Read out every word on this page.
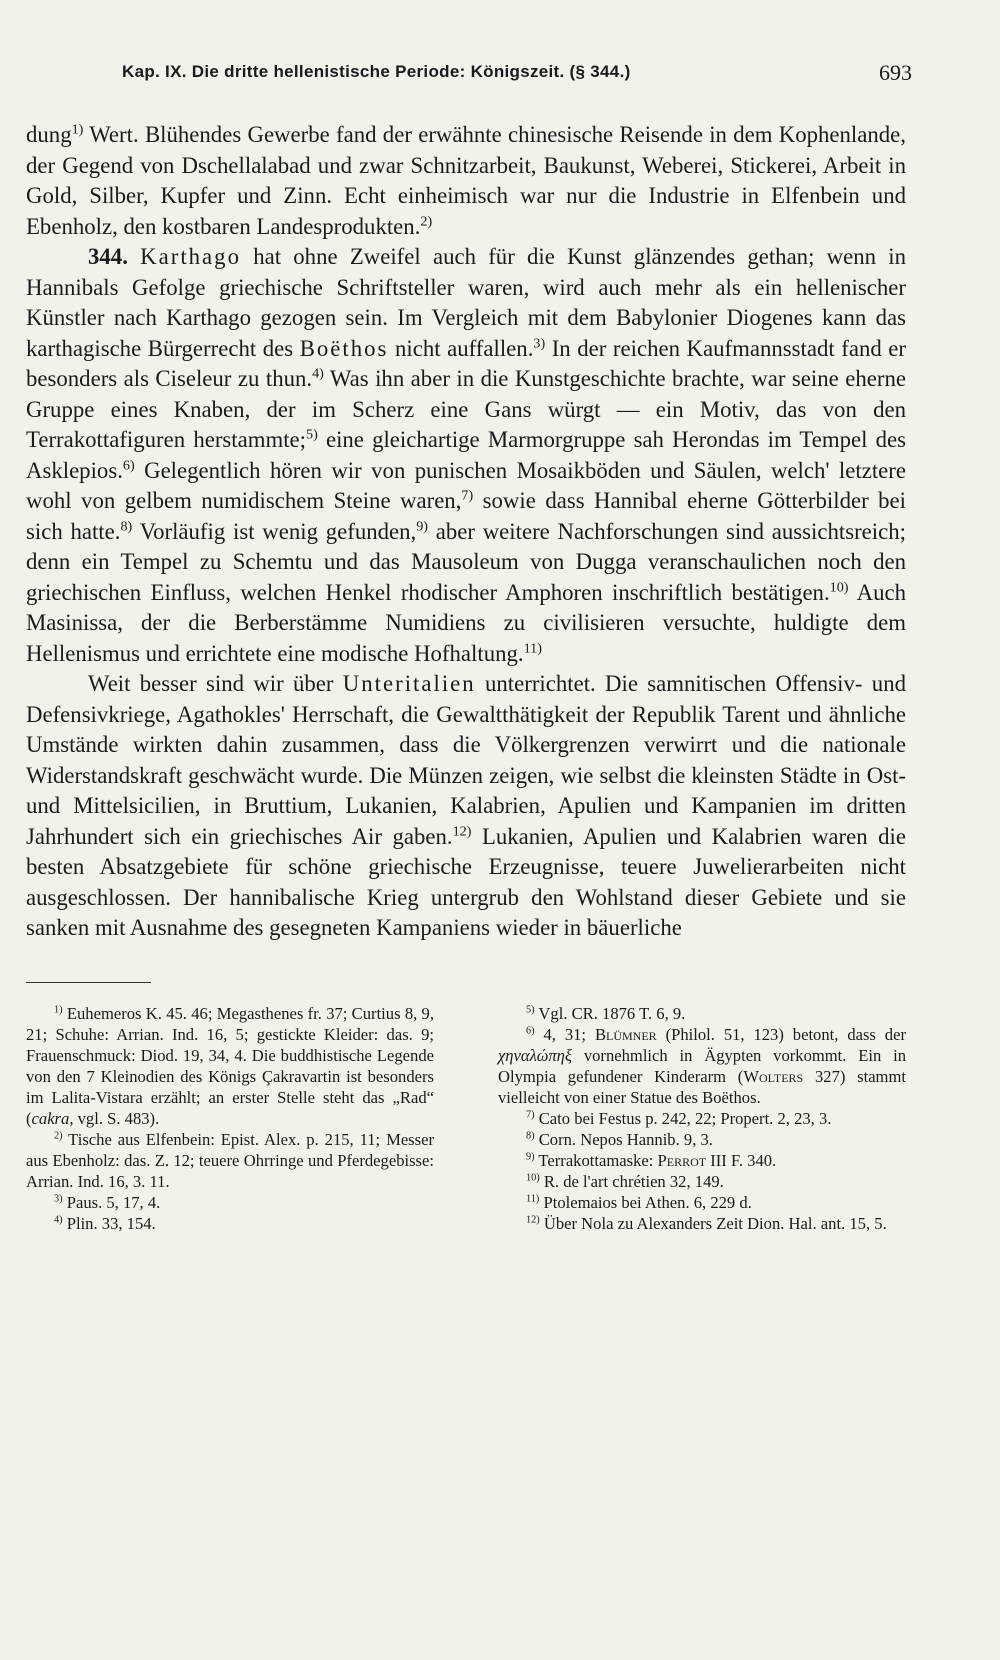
Kap. IX. Die dritte hellenistische Periode: Königszeit. (§ 344.)	693

dung$^{1)}$ Wert. Blühendes Gewerbe fand der erwähnte chinesische Reisende in dem Kophenlande, der Gegend von Dschellalabad und zwar Schnitzarbeit, Baukunst, Weberei, Stickerei, Arbeit in Gold, Silber, Kupfer und Zinn. Echt einheimisch war nur die Industrie in Elfenbein und Ebenholz, den kostbaren Landesprodukten.$^{2)}$

344. Karthago hat ohne Zweifel auch für die Kunst glänzendes gethan; wenn in Hannibals Gefolge griechische Schriftsteller waren, wird auch mehr als ein hellenischer Künstler nach Karthago gezogen sein. Im Vergleich mit dem Babylonier Diogenes kann das karthagische Bürgerrecht des Boëthos nicht auffallen.$^{3)}$ In der reichen Kaufmannsstadt fand er besonders als Ciseleur zu thun.$^{4)}$ Was ihn aber in die Kunstgeschichte brachte, war seine eherne Gruppe eines Knaben, der im Scherz eine Gans würgt — ein Motiv, das von den Terrakottafiguren herstammte;$^{5)}$ eine gleichartige Marmorgruppe sah Herondas im Tempel des Asklepios.$^{6)}$ Gelegentlich hören wir von punischen Mosaikböden und Säulen, welch' letztere wohl von gelbem numidischem Steine waren,$^{7)}$ sowie dass Hannibal eherne Götterbilder bei sich hatte.$^{8)}$ Vorläufig ist wenig gefunden,$^{9)}$ aber weitere Nachforschungen sind aussichtsreich; denn ein Tempel zu Schemtu und das Mausoleum von Dugga veranschaulichen noch den griechischen Einfluss, welchen Henkel rhodischer Amphoren inschriftlich bestätigen.$^{10)}$ Auch Masinissa, der die Berberstämme Numidiens zu civilisieren versuchte, huldigte dem Hellenismus und errichtete eine modische Hofhaltung.$^{11)}$

Weit besser sind wir über Unteritalien unterrichtet. Die samnitischen Offensiv- und Defensivkriege, Agathokles' Herrschaft, die Gewaltthätigkeit der Republik Tarent und ähnliche Umstände wirkten dahin zusammen, dass die Völkergrenzen verwirrt und die nationale Widerstandskraft geschwächt wurde. Die Münzen zeigen, wie selbst die kleinsten Städte in Ost- und Mittelsicilien, in Bruttium, Lukanien, Kalabrien, Apulien und Kampanien im dritten Jahrhundert sich ein griechisches Air gaben.$^{12)}$ Lukanien, Apulien und Kalabrien waren die besten Absatzgebiete für schöne griechische Erzeugnisse, teuere Juwelierarbeiten nicht ausgeschlossen. Der hannibalische Krieg untergrub den Wohlstand dieser Gebiete und sie sanken mit Ausnahme des gesegneten Kampaniens wieder in bäuerliche

$^{1)}$ Euhemeros K. 45. 46; Megasthenes fr. 37; Curtius 8, 9, 21; Schuhe: Arrian. Ind. 16, 5; gestickte Kleider: das. 9; Frauenschmuck: Diod. 19, 34, 4. Die buddhistische Legende von den 7 Kleinodien des Königs Çakravartin ist besonders im Lalita-Vistara erzählt; an erster Stelle steht das „Rad“ (cakra, vgl. S. 483).

$^{2)}$ Tische aus Elfenbein: Epist. Alex. p. 215, 11; Messer aus Ebenholz: das. Z. 12; teuere Ohrringe und Pferdegebisse: Arrian. Ind. 16, 3. 11.

$^{3)}$ Paus. 5, 17, 4.

$^{4)}$ Plin. 33, 154.

$^{5)}$ Vgl. CR. 1876 T. 6, 9.

$^{6)}$ 4, 31; Blümner (Philol. 51, 123) betont, dass der χηναλώπηξ vornehmlich in Ägypten vorkommt. Ein in Olympia gefundener Kinderarm (Wolters 327) stammt vielleicht von einer Statue des Boëthos.

$^{7)}$ Cato bei Festus p. 242, 22; Propert. 2, 23, 3.

$^{8)}$ Corn. Nepos Hannib. 9, 3.

$^{9)}$ Terrakottamaske: Perrot III F. 340.

$^{10)}$ R. de l'art chrétien 32, 149.

$^{11)}$ Ptolemaios bei Athen. 6, 229 d.

$^{12)}$ Über Nola zu Alexanders Zeit Dion. Hal. ant. 15, 5.
